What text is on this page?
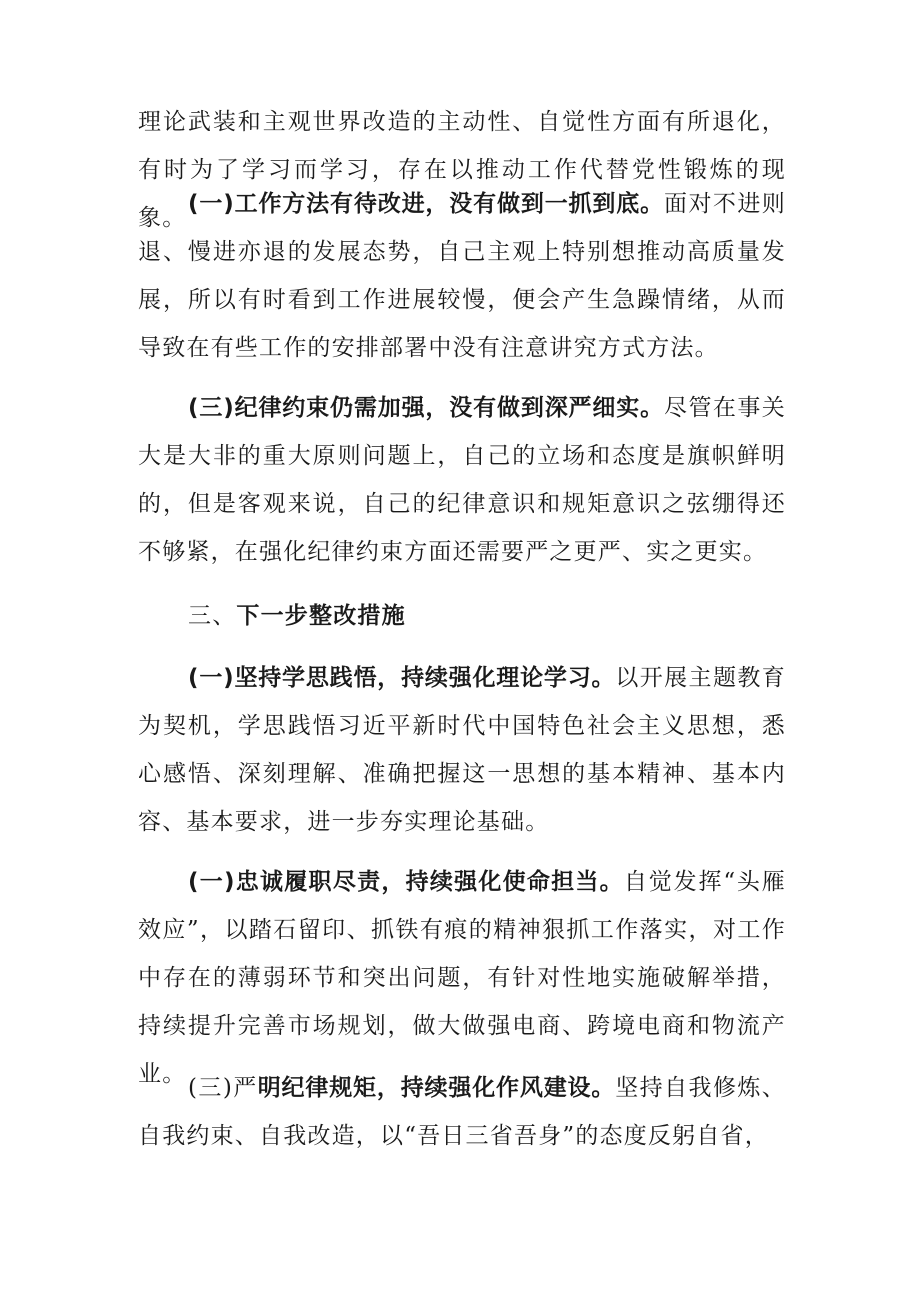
理论武装和主观世界改造的主动性、自觉性方面有所退化，有时为了学习而学习，存在以推动工作代替党性锻炼的现象。

(一)工作方法有待改进，没有做到一抓到底。面对不进则退、慢进亦退的发展态势，自己主观上特别想推动高质量发展，所以有时看到工作进展较慢，便会产生急躁情绪，从而导致在有些工作的安排部署中没有注意讲究方式方法。

(三)纪律约束仍需加强，没有做到深严细实。尽管在事关大是大非的重大原则问题上，自己的立场和态度是旗帜鲜明的，但是客观来说，自己的纪律意识和规矩意识之弦绷得还不够紧，在强化纪律约束方面还需要严之更严、实之更实。

三、下一步整改措施

(一)坚持学思践悟，持续强化理论学习。以开展主题教育为契机，学思践悟习近平新时代中国特色社会主义思想，悉心感悟、深刻理解、准确把握这一思想的基本精神、基本内容、基本要求，进一步夯实理论基础。

(一)忠诚履职尽责，持续强化使命担当。自觉发挥“头雁效应”，以踏石留印、抓铁有痕的精神狠抓工作落实，对工作中存在的薄弱环节和突出问题，有针对性地实施破解举措，持续提升完善市场规划，做大做强电商、跨境电商和物流产业。

(三)严明纪律规矩，持续强化作风建设。坚持自我修炼、自我约束、自我改造，以“吾日三省吾身”的态度反躬自省，
